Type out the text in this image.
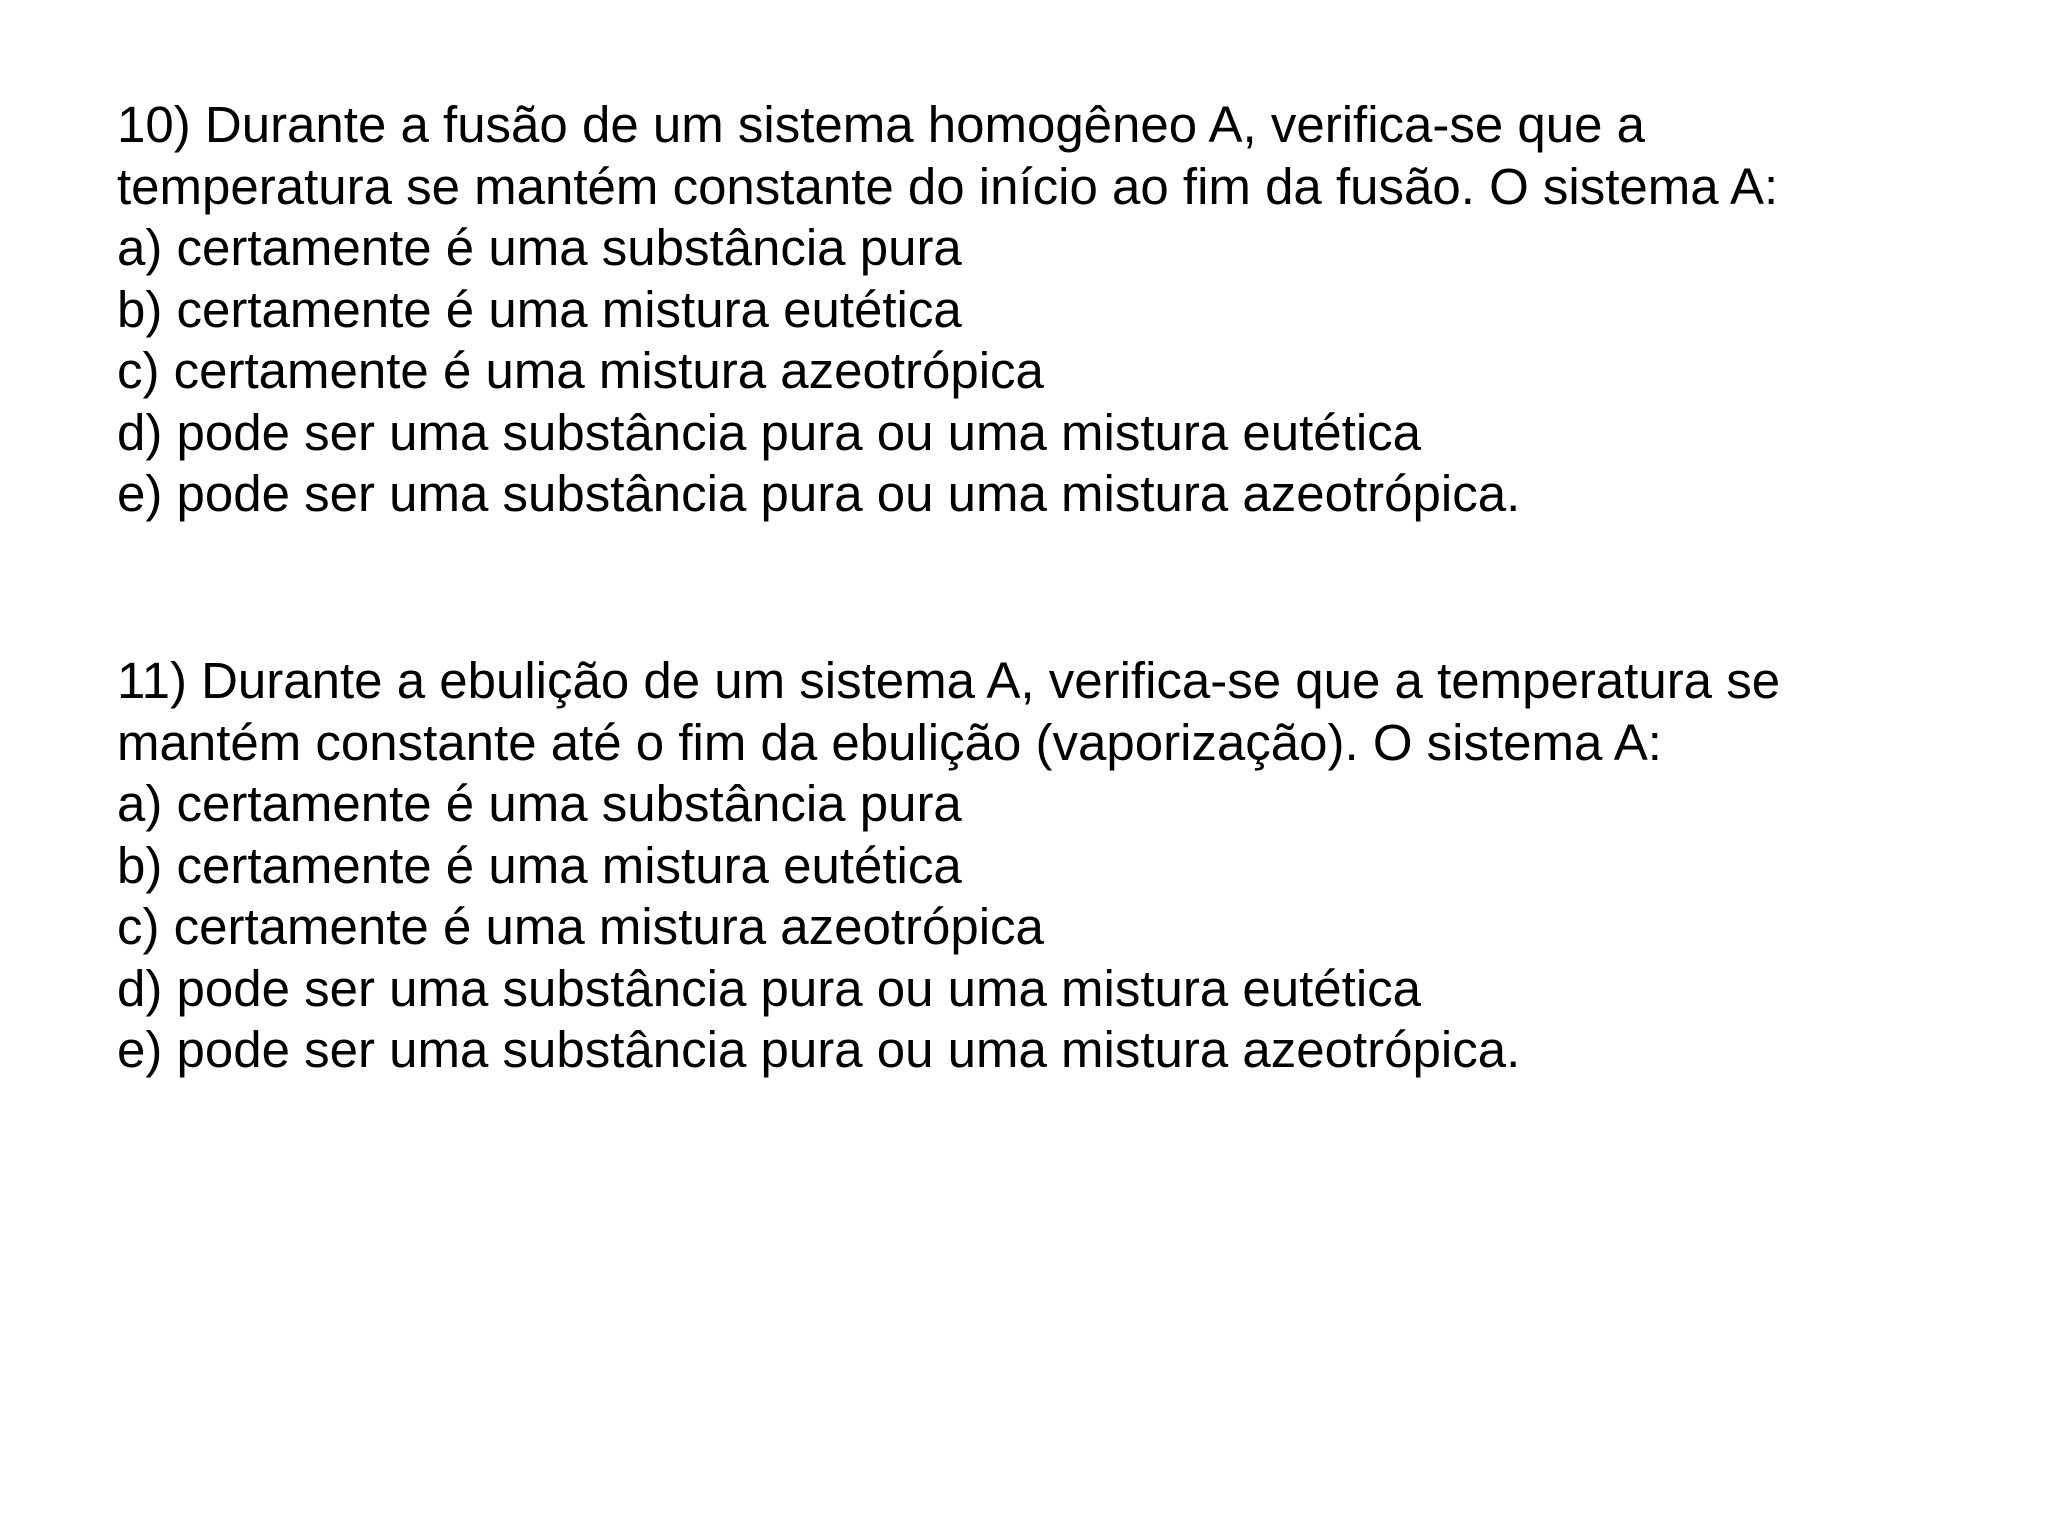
10) Durante a fusão de um sistema homogêneo A, verifica-se que a
temperatura se mantém constante do início ao fim da fusão. O sistema A:
a) certamente é uma substância pura
b) certamente é uma mistura eutética
c) certamente é uma mistura azeotrópica
d) pode ser uma substância pura ou uma mistura eutética
e) pode ser uma substância pura ou uma mistura azeotrópica.
11) Durante a ebulição de um sistema A, verifica-se que a temperatura se
mantém constante até o fim da ebulição (vaporização). O sistema A:
a) certamente é uma substância pura
b) certamente é uma mistura eutética
c) certamente é uma mistura azeotrópica
d) pode ser uma substância pura ou uma mistura eutética
e) pode ser uma substância pura ou uma mistura azeotrópica.
